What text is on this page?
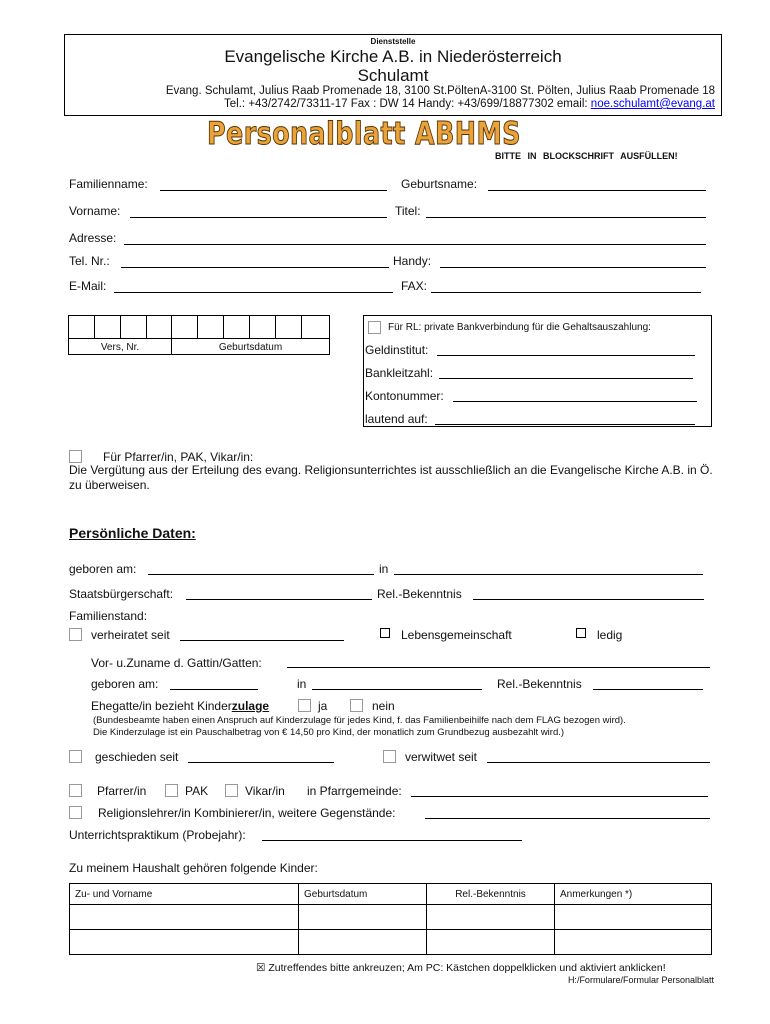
Dienststelle
Evangelische Kirche A.B. in Niederösterreich
Schulamt
Evang. Schulamt, Julius Raab Promenade 18, 3100 St.PöltenA-3100 St. Pölten, Julius Raab Promenade 18
Tel.: +43/2742/73311-17 Fax : DW 14 Handy: +43/699/18877302 email: noe.schulamt@evang.at
Personalblatt ABHMS
BITTE IN BLOCKSCHRIFT AUSFÜLLEN!
Familienname:	Geburtsname:
Vorname:	Titel:
Adresse:
Tel. Nr.:	Handy:
E-Mail:	FAX:
Vers, Nr.	Geburtsdatum
Für RL: private Bankverbindung für die Gehaltsauszahlung:
Geldinstitut:
Bankleitzahl:
Kontonummer:
lautend auf:
Für Pfarrer/in, PAK, Vikar/in:
Die Vergütung aus der Erteilung des evang. Religionsunterrichtes ist ausschließlich an die Evangelische Kirche A.B. in Ö. zu überweisen.
Persönliche Daten:
geboren am:	in
Staatsbürgerschaft:	Rel.-Bekenntnis
Familienstand:
verheiratet seit	Lebensgemeinschaft	ledig
Vor- u.Zuname d. Gattin/Gatten:
geboren am:	in	Rel.-Bekenntnis
Ehegatte/in bezieht Kinderzulage	ja	nein
(Bundesbeamte haben einen Anspruch auf Kinderzulage für jedes Kind, f. das Familienbeihilfe nach dem FLAG bezogen wird).
Die Kinderzulage ist ein Pauschalbetrag von € 14,50 pro Kind, der monatlich zum Grundbezug ausbezahlt wird.)
geschieden seit	verwitwet seit
Pfarrer/in	PAK	Vikar/in in Pfarrgemeinde:
Religionslehrer/in Kombinierer/in, weitere Gegenstände:
Unterrichtspraktikum (Probejahr):
Zu meinem Haushalt gehören folgende Kinder:
Zu- und Vorname	Geburtsdatum	Rel.-Bekenntnis	Anmerkungen *)

☒ Zutreffendes bitte ankreuzen; Am PC: Kästchen doppelklicken und aktiviert anklicken!
H:/Formulare/Formular Personalblatt
